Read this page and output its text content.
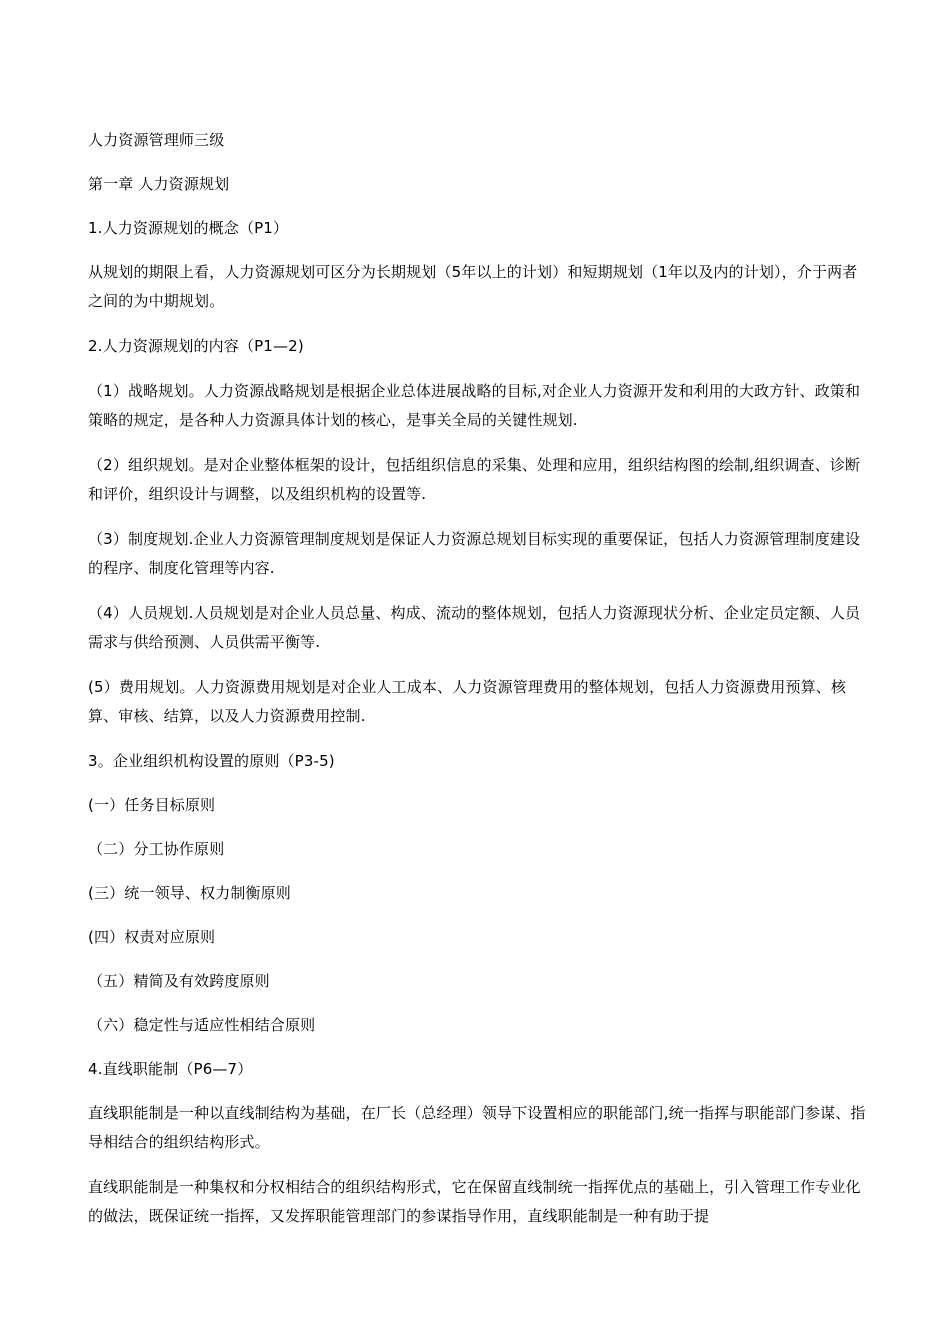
人力资源管理师三级

第一章 人力资源规划

1.人力资源规划的概念（P1）

从规划的期限上看，人力资源规划可区分为长期规划（5年以上的计划）和短期规划（1年以及内的计划），介于两者之间的为中期规划。

2.人力资源规划的内容（P1—2)

（1）战略规划。人力资源战略规划是根据企业总体进展战略的目标,对企业人力资源开发和利用的大政方针、政策和策略的规定，是各种人力资源具体计划的核心，是事关全局的关键性规划.

（2）组织规划。是对企业整体框架的设计，包括组织信息的采集、处理和应用，组织结构图的绘制,组织调查、诊断和评价，组织设计与调整，以及组织机构的设置等.

（3）制度规划.企业人力资源管理制度规划是保证人力资源总规划目标实现的重要保证，包括人力资源管理制度建设的程序、制度化管理等内容.

（4）人员规划.人员规划是对企业人员总量、构成、流动的整体规划，包括人力资源现状分析、企业定员定额、人员需求与供给预测、人员供需平衡等.

(5）费用规划。人力资源费用规划是对企业人工成本、人力资源管理费用的整体规划，包括人力资源费用预算、核算、审核、结算，以及人力资源费用控制.

3。企业组织机构设置的原则（P3-5)

(一）任务目标原则

（二）分工协作原则

(三）统一领导、权力制衡原则

(四）权责对应原则

（五）精简及有效跨度原则

（六）稳定性与适应性相结合原则

4.直线职能制（P6—7）

直线职能制是一种以直线制结构为基础，在厂长（总经理）领导下设置相应的职能部门,统一指挥与职能部门参谋、指导相结合的组织结构形式。

直线职能制是一种集权和分权相结合的组织结构形式，它在保留直线制统一指挥优点的基础上，引入管理工作专业化的做法，既保证统一指挥，又发挥职能管理部门的参谋指导作用，直线职能制是一种有助于提
